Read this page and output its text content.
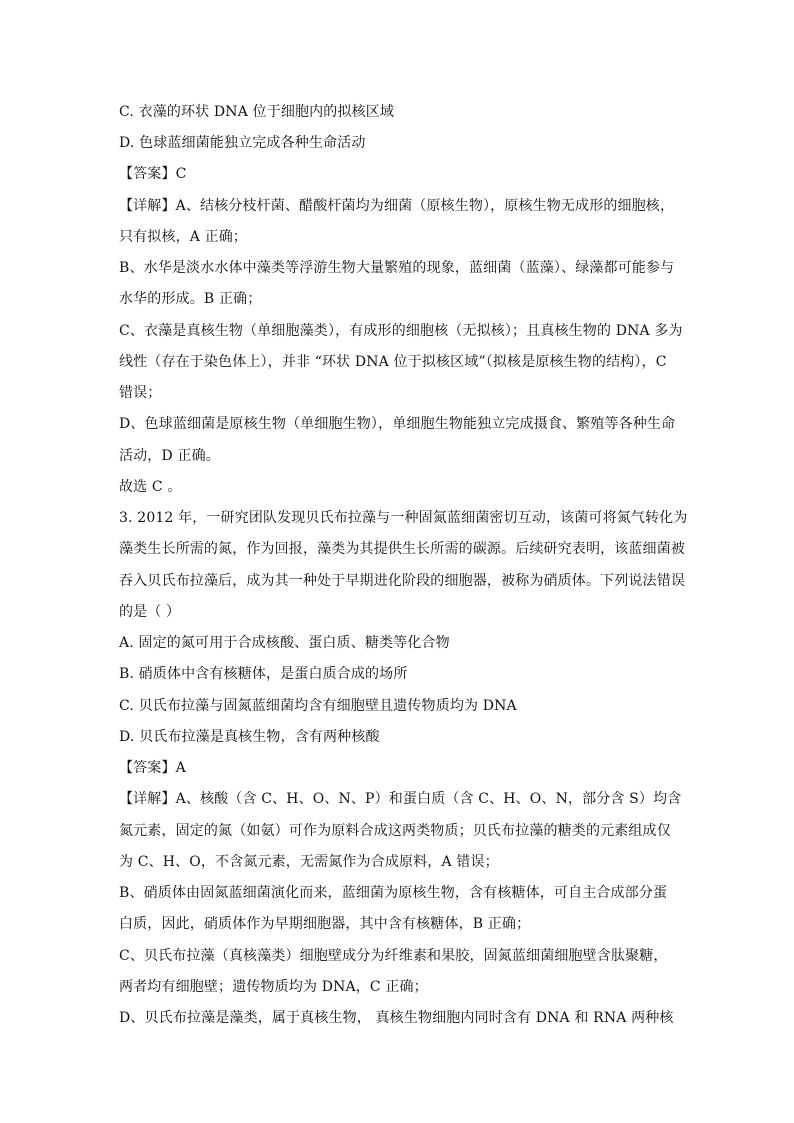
C. 衣藻的环状 DNA 位于细胞内的拟核区域
D. 色球蓝细菌能独立完成各种生命活动
【答案】C
【详解】A、结核分枝杆菌、醋酸杆菌均为细菌（原核生物），原核生物无成形的细胞核，
只有拟核，A 正确；
B、水华是淡水水体中藻类等浮游生物大量繁殖的现象，蓝细菌（蓝藻）、绿藻都可能参与
水华的形成。B 正确；
C、衣藻是真核生物（单细胞藻类），有成形的细胞核（无拟核）；且真核生物的 DNA 多为
线性（存在于染色体上），并非 “环状 DNA 位于拟核区域”（拟核是原核生物的结构），C
错误；
D、色球蓝细菌是原核生物（单细胞生物），单细胞生物能独立完成摄食、繁殖等各种生命
活动，D 正确。
故选 C 。
3. 2012 年，一研究团队发现贝氏布拉藻与一种固氮蓝细菌密切互动，该菌可将氮气转化为
藻类生长所需的氮，作为回报，藻类为其提供生长所需的碳源。后续研究表明，该蓝细菌被
吞入贝氏布拉藻后，成为其一种处于早期进化阶段的细胞器，被称为硝质体。下列说法错误
的是（ ）
A. 固定的氮可用于合成核酸、蛋白质、糖类等化合物
B. 硝质体中含有核糖体，是蛋白质合成的场所
C. 贝氏布拉藻与固氮蓝细菌均含有细胞壁且遗传物质均为 DNA
D. 贝氏布拉藻是真核生物，含有两种核酸
【答案】A
【详解】A、核酸（含 C、H、O、N、P）和蛋白质（含 C、H、O、N，部分含 S）均含
氮元素，固定的氮（如氨）可作为原料合成这两类物质；贝氏布拉藻的糖类的元素组成仅
为 C、H、O，不含氮元素，无需氮作为合成原料，A 错误；
B、硝质体由固氮蓝细菌演化而来，蓝细菌为原核生物，含有核糖体，可自主合成部分蛋
白质，因此，硝质体作为早期细胞器，其中含有核糖体，B 正确；
C、贝氏布拉藻（真核藻类）细胞壁成分为纤维素和果胶，固氮蓝细菌细胞壁含肽聚糖，
两者均有细胞壁；遗传物质均为 DNA，C 正确；
D、贝氏布拉藻是藻类，属于真核生物， 真核生物细胞内同时含有 DNA 和 RNA 两种核
